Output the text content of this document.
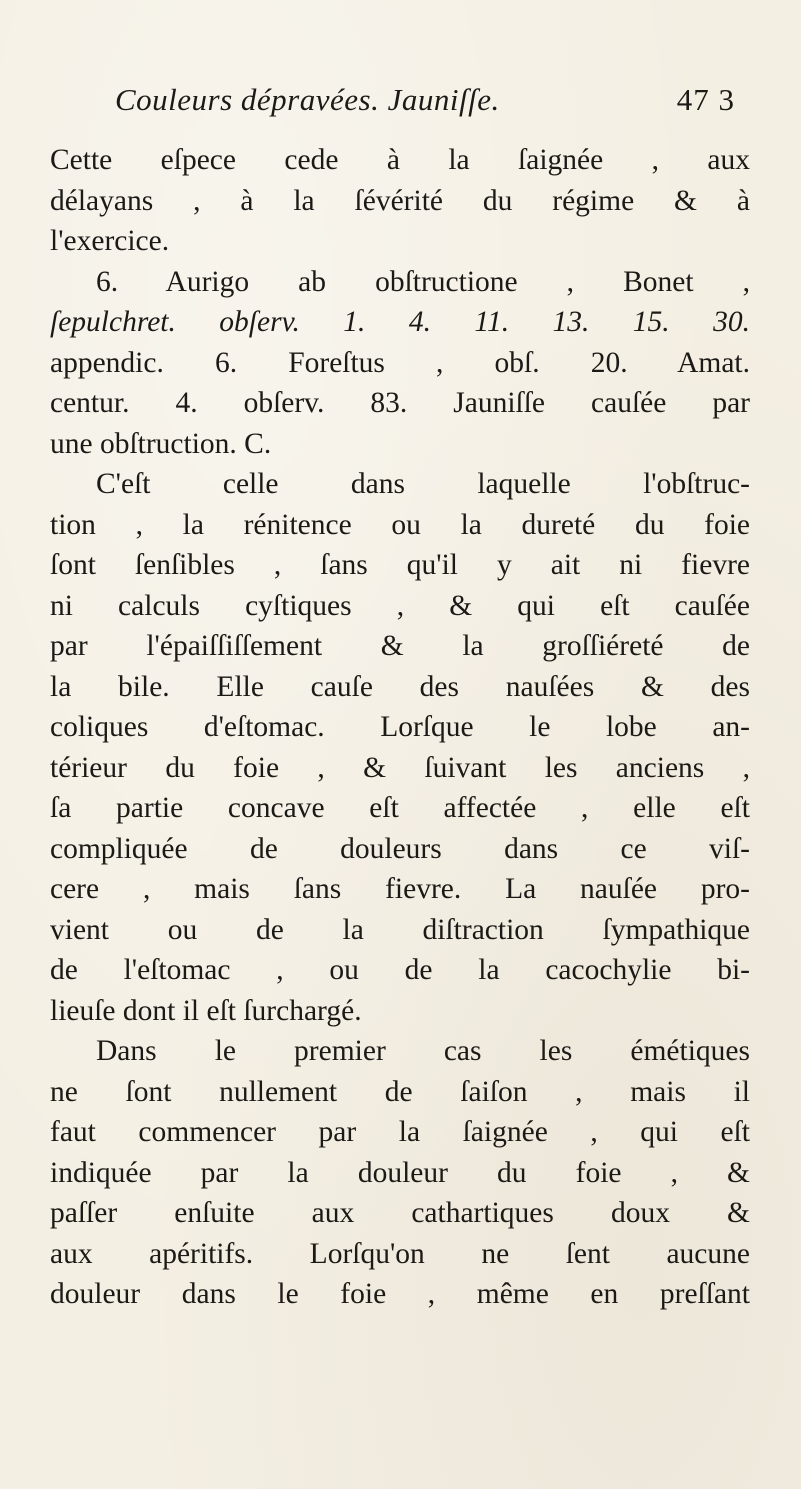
Couleurs dépravées. Jauniſſe.	47 3
Cette eſpece cede à la ſaignée , aux
délayans , à la ſévérité du régime & à
l'exercice.
6. Aurigo ab obſtructione , Bonet ,
ſepulchret. obſerv. 1. 4. 11. 13. 15. 30.
appendic. 6. Foreſtus , obſ. 20. Amat.
centur. 4. obſerv. 83. Jauniſſe cauſée par
une obſtruction. C.
C'eſt celle dans laquelle l'obſtruc-
tion , la rénitence ou la dureté du foie
ſont ſenſibles , ſans qu'il y ait ni fievre
ni calculs cyſtiques , & qui eſt cauſée
par l'épaiſſiſſement & la groſſiéreté de
la bile. Elle cauſe des nauſées & des
coliques d'eſtomac. Lorſque le lobe an-
térieur du foie , & ſuivant les anciens ,
ſa partie concave eſt affectée , elle eſt
compliquée de douleurs dans ce viſ-
cere , mais ſans fievre. La nauſée pro-
vient ou de la diſtraction ſympathique
de l'eſtomac , ou de la cacochylie bi-
lieuſe dont il eſt ſurchargé.
Dans le premier cas les émétiques
ne ſont nullement de ſaiſon , mais il
faut commencer par la ſaignée , qui eſt
indiquée par la douleur du foie , &
paſſer enſuite aux cathartiques doux &
aux apéritifs. Lorſqu'on ne ſent aucune
douleur dans le foie , même en preſſant
